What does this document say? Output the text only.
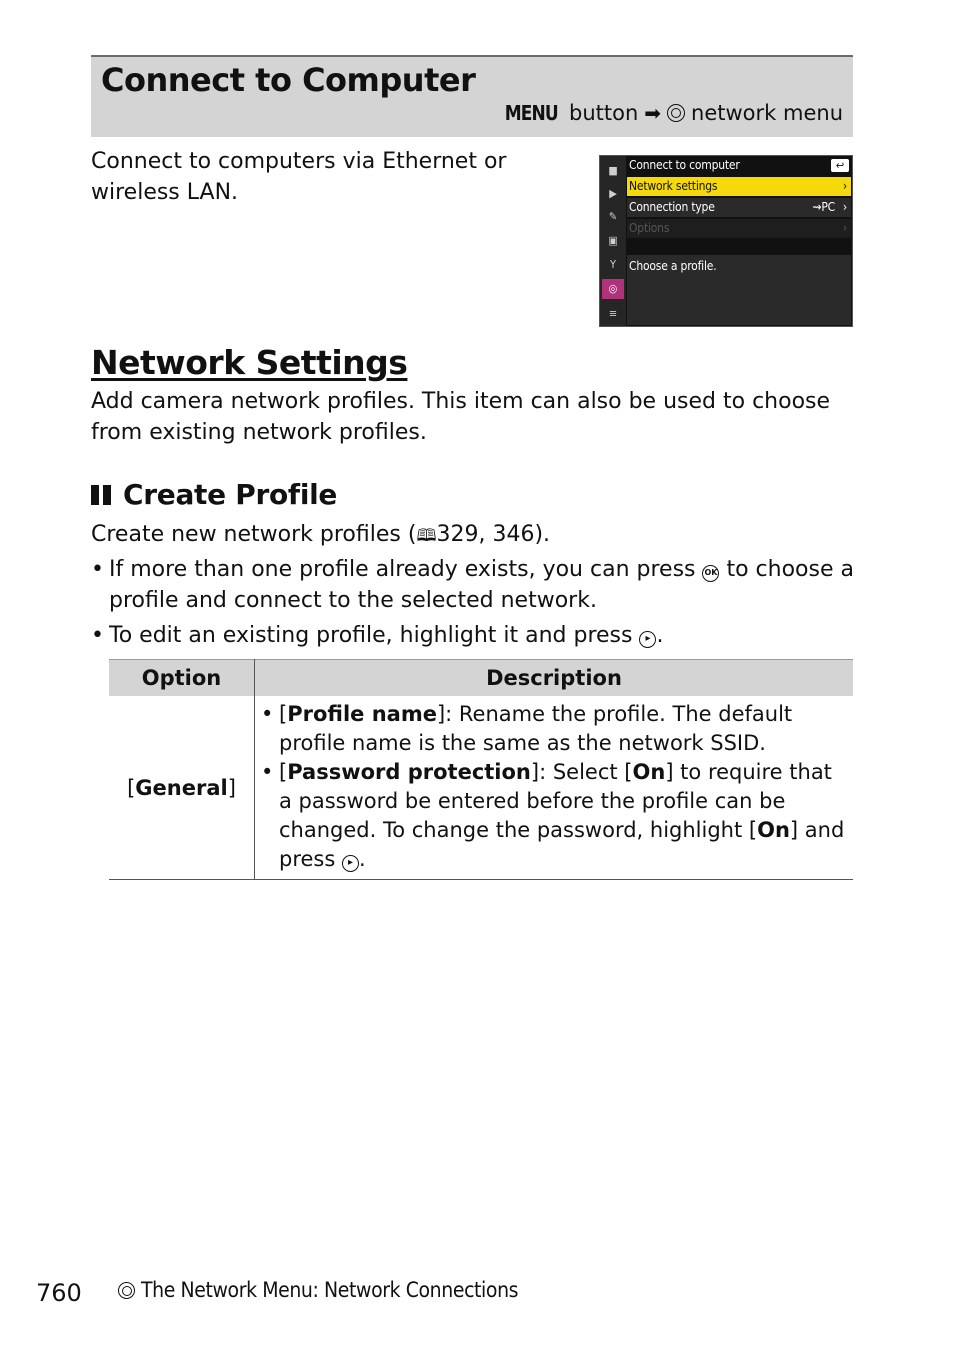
Connect to Computer
MENU button ➡ network menu
Connect to computers via Ethernet or wireless LAN.
■
▶
✎
▣
Y
◎
≡
Connect to computer	↩
Network settings	›
Connection type	⇝PC ›
Options	›
Choose a profile.
Network Settings
Add camera network profiles. This item can also be used to choose from existing network profiles.
Create Profile
Create new network profiles (🕮329, 346).
• If more than one profile already exists, you can press OK to choose a profile and connect to the selected network.
• To edit an existing profile, highlight it and press ▸ .
Option	Description
[General]	• [Profile name]: Rename the profile. The default profile name is the same as the network SSID.
• [Password protection]: Select [On] to require that a password be entered before the profile can be changed. To change the password, highlight [On] and press ▸ .
760	The Network Menu: Network Connections
